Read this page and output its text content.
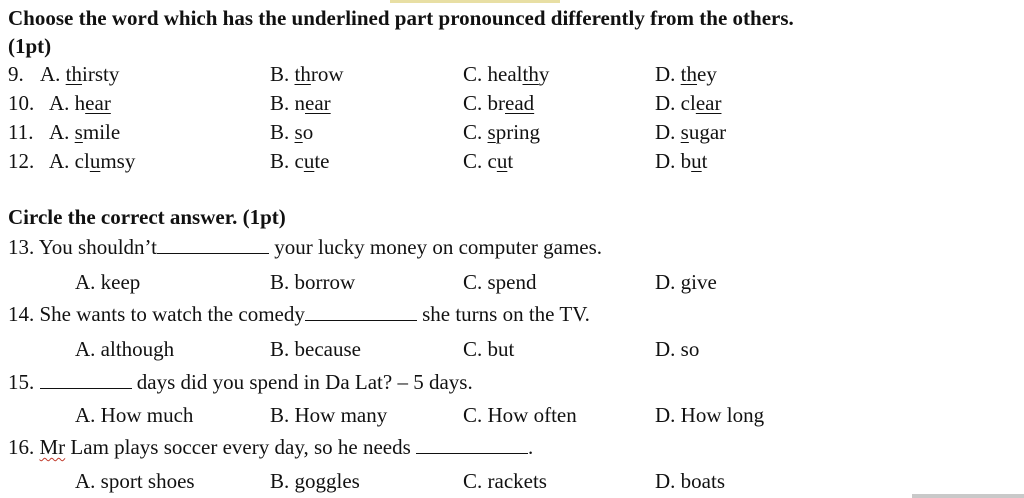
Choose the word which has the underlined part pronounced differently from the others.
(1pt)
9. A. thirsty	B. throw	C. healthy	D. they
10. A. hear	B. near	C. bread	D. clear
11. A. smile	B. so	C. spring	D. sugar
12. A. clumsy	B. cute	C. cut	D. but
Circle the correct answer. (1pt)
13. You shouldn’t	your lucky money on computer games.
A. keep	B. borrow	C. spend	D. give
14. She wants to watch the comedy	she turns on the TV.
A. although	B. because	C. but	D. so
15.	days did you spend in Da Lat? – 5 days.
A. How much	B. How many	C. How often	D. How long
16. Mr Lam plays soccer every day, so he needs	.
A. sport shoes	B. goggles	C. rackets	D. boats
